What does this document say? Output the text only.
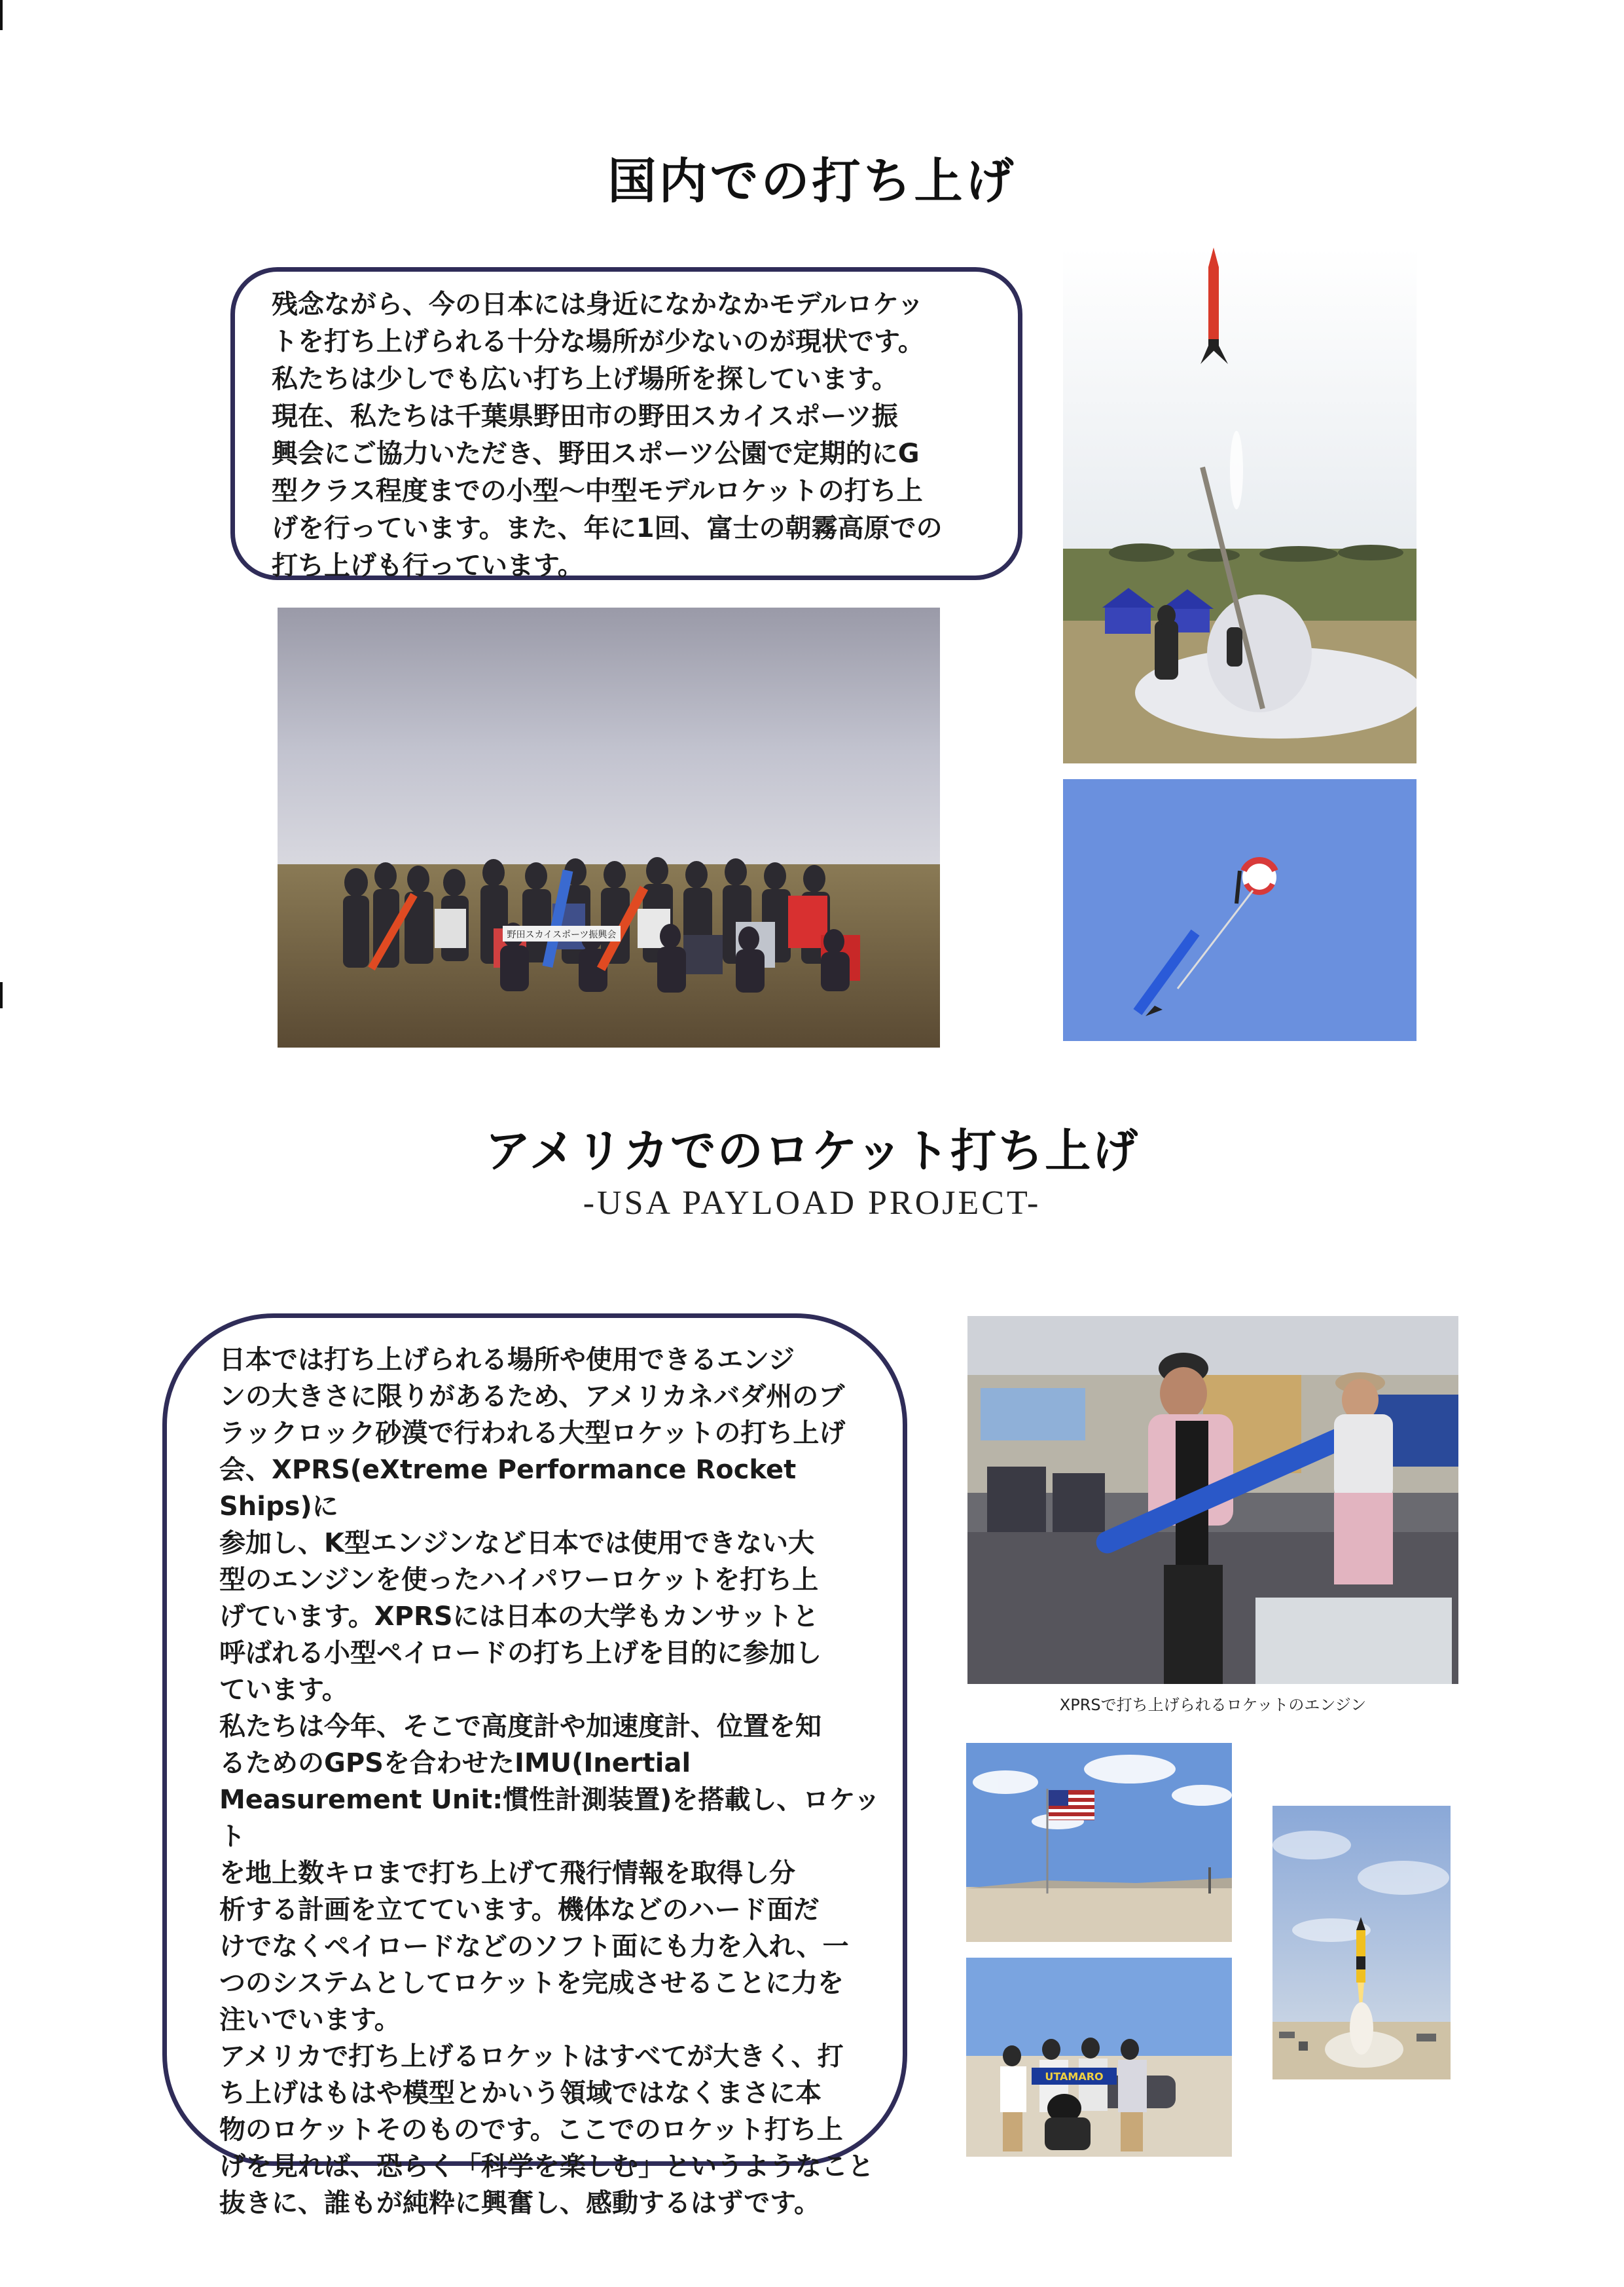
国内での打ち上げ

残念ながら、今の日本には身近になかなかモデルロケッ
トを打ち上げられる十分な場所が少ないのが現状です。
私たちは少しでも広い打ち上げ場所を探しています。
現在、私たちは千葉県野田市の野田スカイスポーツ振
興会にご協力いただき、野田スポーツ公園で定期的にG
型クラス程度までの小型～中型モデルロケットの打ち上
げを行っています。また、年に1回、富士の朝霧高原での
打ち上げも行っています。

野田スカイスポーツ振興会
アメリカでのロケット打ち上げ

-USA PAYLOAD PROJECT-

日本では打ち上げられる場所や使用できるエンジ
ンの大きさに限りがあるため、アメリカネバダ州のブ
ラックロック砂漠で行われる大型ロケットの打ち上げ
会、XPRS(eXtreme Performance Rocket Ships)に
参加し、K型エンジンなど日本では使用できない大
型のエンジンを使ったハイパワーロケットを打ち上
げています。XPRSには日本の大学もカンサットと
呼ばれる小型ペイロードの打ち上げを目的に参加し
ています。
私たちは今年、そこで高度計や加速度計、位置を知
るためのGPSを合わせたIMU(Inertial
Measurement Unit:慣性計測装置)を搭載し、ロケット
を地上数キロまで打ち上げて飛行情報を取得し分
析する計画を立てています。機体などのハード面だ
けでなくペイロードなどのソフト面にも力を入れ、一
つのシステムとしてロケットを完成させることに力を
注いでいます。
アメリカで打ち上げるロケットはすべてが大きく、打
ち上げはもはや模型とかいう領域ではなくまさに本
物のロケットそのものです。ここでのロケット打ち上
げを見れば、恐らく「科学を楽しむ」というようなこと
抜きに、誰もが純粋に興奮し、感動するはずです。

XPRSで打ち上げられるロケットのエンジン

UTAMARO
